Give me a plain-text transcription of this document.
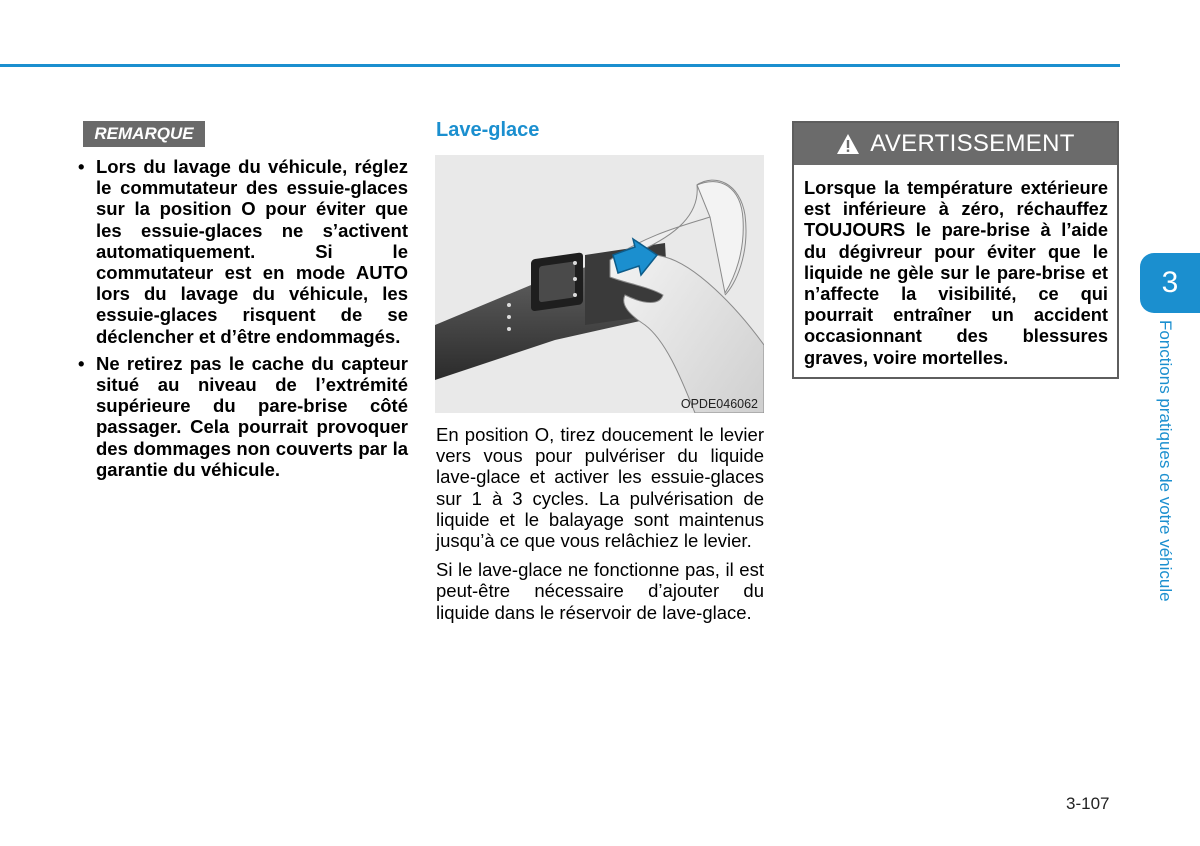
REMARQUE
• Lors du lavage du véhicule, réglez le commutateur des essuie-glaces sur la position O pour éviter que les essuie-glaces ne s’activent automatiquement. Si le commutateur est en mode AUTO lors du lavage du véhicule, les essuie-glaces risquent de se déclencher et d’être endommagés.
• Ne retirez pas le cache du capteur situé au niveau de l’extrémité supérieure du pare-brise côté passager. Cela pourrait provoquer des dommages non couverts par la garantie du véhicule.
Lave-glace
OPDE046062

En position O, tirez doucement le levier vers vous pour pulvériser du liquide lave-glace et activer les essuie-glaces sur 1 à 3 cycles. La pulvérisation de liquide et le balayage sont maintenus jusqu’à ce que vous relâchiez le levier.

Si le lave-glace ne fonctionne pas, il est peut-être nécessaire d’ajouter du liquide dans le réservoir de lave-glace.

AVERTISSEMENT
Lorsque la température extérieure est inférieure à zéro, réchauffez TOUJOURS le pare-brise à l’aide du dégivreur pour éviter que le liquide ne gèle sur le pare-brise et n’affecte la visibilité, ce qui pourrait entraîner un accident occasionnant des blessures graves, voire mortelles.
3
Fonctions pratiques de votre véhicule
3-107
